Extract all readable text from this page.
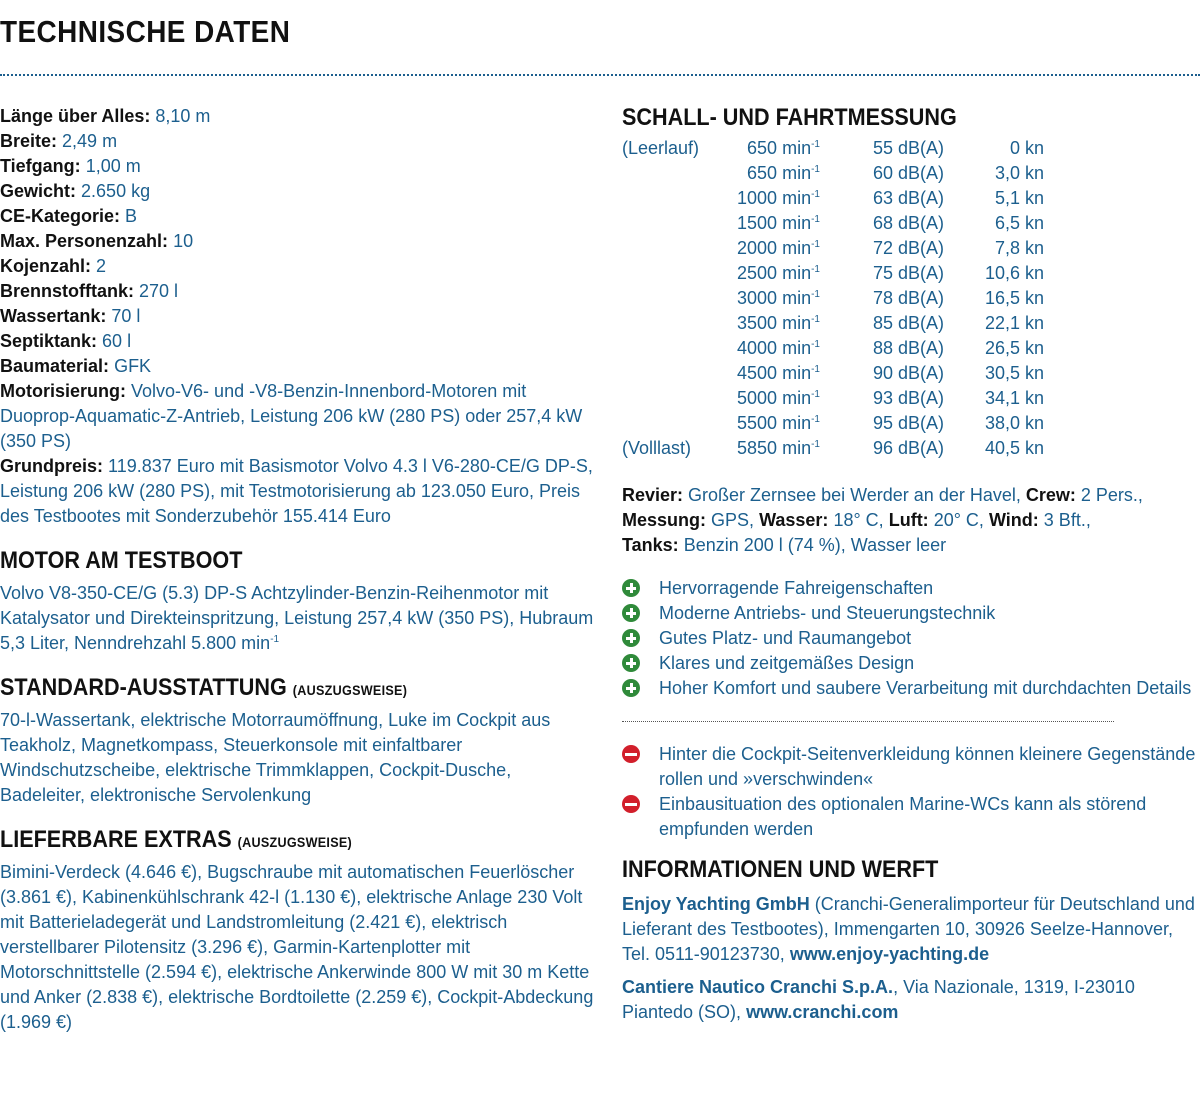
TECHNISCHE DATEN
Länge über Alles: 8,10 m
Breite: 2,49 m
Tiefgang: 1,00 m
Gewicht: 2.650 kg
CE-Kategorie: B
Max. Personenzahl: 10
Kojenzahl: 2
Brennstofftank: 270 l
Wassertank: 70 l
Septiktank: 60 l
Baumaterial: GFK
Motorisierung: Volvo-V6- und -V8-Benzin-Innenbord-Motoren mit Duoprop-Aquamatic-Z-Antrieb, Leistung 206 kW (280 PS) oder 257,4 kW (350 PS)
Grundpreis: 119.837 Euro mit Basismotor Volvo 4.3 l V6-280-CE/G DP-S, Leistung 206 kW (280 PS), mit Testmotorisierung ab 123.050 Euro, Preis des Testbootes mit Sonderzubehör 155.414 Euro
MOTOR AM TESTBOOT

Volvo V8-350-CE/G (5.3) DP-S Achtzylinder-Benzin-Reihenmotor mit Katalysator und Direkteinspritzung, Leistung 257,4 kW (350 PS), Hubraum 5,3 Liter, Nenndrehzahl 5.800 $\min^{-1}$

STANDARD-AUSSTATTUNG (AUSZUGSWEISE)

70-l-Wassertank, elektrische Motorraumöffnung, Luke im Cockpit aus Teakholz, Magnetkompass, Steuerkonsole mit einfaltbarer Windschutzscheibe, elektrische Trimmklappen, Cockpit-Dusche, Badeleiter, elektronische Servolenkung

LIEFERBARE EXTRAS (AUSZUGSWEISE)

Bimini-Verdeck (4.646 €), Bugschraube mit automatischen Feuerlöscher (3.861 €), Kabinenkühlschrank 42-l (1.130 €), elektrische Anlage 230 Volt mit Batterieladegerät und Landstromleitung (2.421 €), elektrisch verstellbarer Pilotensitz (3.296 €), Garmin-Kartenplotter mit Motorschnittstelle (2.594 €), elektrische Ankerwinde 800 W mit 30 m Kette und Anker (2.838 €), elektrische Bordtoilette (2.259 €), Cockpit-Abdeckung (1.969 €)

SCHALL- UND FAHRTMESSUNG
(Leerlauf)	650 $\min^{-1}$	55 dB(A)	0 kn
	650 $\min^{-1}$	60 dB(A)	3,0 kn
	1000 $\min^{-1}$	63 dB(A)	5,1 kn
	1500 $\min^{-1}$	68 dB(A)	6,5 kn
	2000 $\min^{-1}$	72 dB(A)	7,8 kn
	2500 $\min^{-1}$	75 dB(A)	10,6 kn
	3000 $\min^{-1}$	78 dB(A)	16,5 kn
	3500 $\min^{-1}$	85 dB(A)	22,1 kn
	4000 $\min^{-1}$	88 dB(A)	26,5 kn
	4500 $\min^{-1}$	90 dB(A)	30,5 kn
	5000 $\min^{-1}$	93 dB(A)	34,1 kn
	5500 $\min^{-1}$	95 dB(A)	38,0 kn
(Volllast)	5850 $\min^{-1}$	96 dB(A)	40,5 kn
Revier: Großer Zernsee bei Werder an der Havel, Crew: 2 Pers.,
Messung: GPS, Wasser: 18° C, Luft: 20° C, Wind: 3 Bft.,
Tanks: Benzin 200 l (74 %), Wasser leer
Hervorragende Fahreigenschaften
Moderne Antriebs- und Steuerungstechnik
Gutes Platz- und Raumangebot
Klares und zeitgemäßes Design
Hoher Komfort und saubere Verarbeitung mit durchdachten Details
Hinter die Cockpit-Seitenverkleidung können kleinere Gegenstände rollen und »verschwinden«
Einbausituation des optionalen Marine-WCs kann als störend empfunden werden
INFORMATIONEN UND WERFT

Enjoy Yachting GmbH (Cranchi-Generalimporteur für Deutschland und Lieferant des Testbootes), Immengarten 10, 30926 Seelze-Hannover, Tel. 0511-90123730, www.enjoy-yachting.de

Cantiere Nautico Cranchi S.p.A., Via Nazionale, 1319, I-23010 Piantedo (SO), www.cranchi.com
